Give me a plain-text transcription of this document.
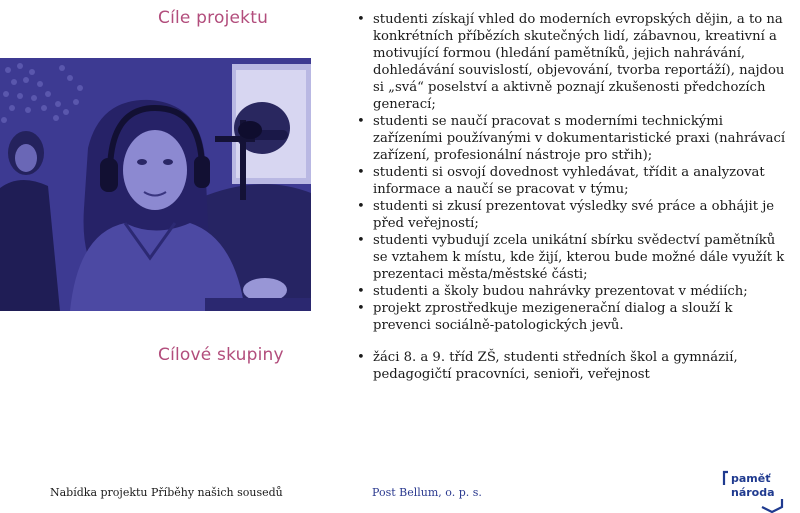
Cíle projektu	• studenti získají vhled do moderních evropských dějin, a to na konkrétních příbězích skutečných lidí, zábavnou, kreativní a motivující formou (hledání pamětníků, jejich nahrávání, dohledávání souvislostí, objevování, tvorba reportáží), najdou si „svá“ poselství a aktivně poznají zkušenosti předchozích generací;
• studenti se naučí pracovat s moderními technickými zařízeními používanými v dokumentaristické praxi (nahrávací zařízení, profesionální nástroje pro střih);
• studenti si osvojí dovednost vyhledávat, třídit a analyzovat informace a naučí se pracovat v týmu;
• studenti si zkusí prezentovat výsledky své práce a obhájit je před veřejností;
• studenti vybudují zcela unikátní sbírku svědectví pamětníků se vztahem k místu, kde žijí, kterou bude možné dále využít k prezentaci města/městské části;
• studenti a školy budou nahrávky prezentovat v médiích;
• projekt zprostředkuje mezigenerační dialog a slouží k prevenci sociálně-patologických jevů.
Cílové skupiny	• žáci 8. a 9. tříd ZŠ, studenti středních škol a gymnázií, pedagogičtí pracovníci, senioři, veřejnost

Nabídka projektu Příběhy našich sousedů	Post Bellum, o. p. s.

paměť
národa
